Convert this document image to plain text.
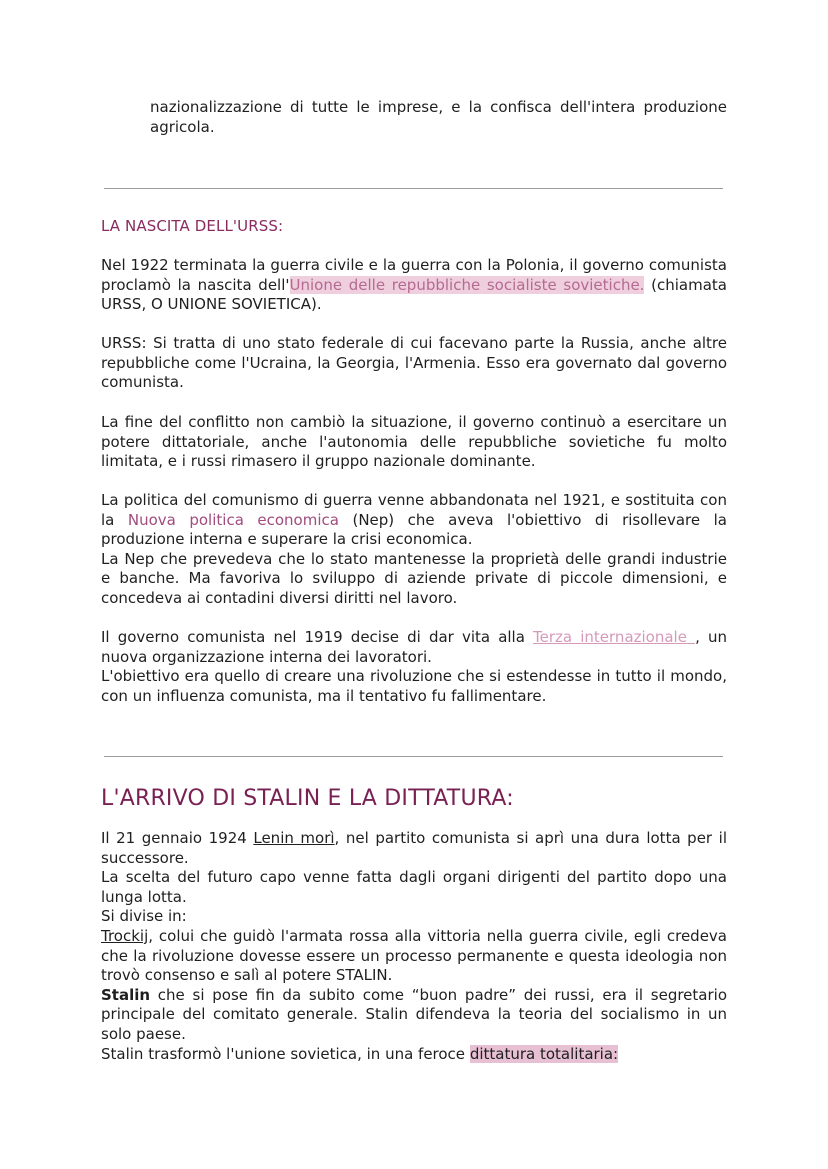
nazionalizzazione di tutte le imprese, e la confisca dell'intera produzione agricola.

LA NASCITA DELL'URSS:

Nel 1922 terminata la guerra civile e la guerra con la Polonia, il governo comunista proclamò la nascita dell'Unione delle repubbliche socialiste sovietiche. (chiamata URSS, O UNIONE SOVIETICA).

URSS: Si tratta di uno stato federale di cui facevano parte la Russia, anche altre repubbliche come l'Ucraina, la Georgia, l'Armenia. Esso era governato dal governo comunista.

La fine del conflitto non cambiò la situazione, il governo continuò a esercitare un potere dittatoriale, anche l'autonomia delle repubbliche sovietiche fu molto limitata, e i russi rimasero il gruppo nazionale dominante.

La politica del comunismo di guerra venne abbandonata nel 1921, e sostituita con la Nuova politica economica (Nep) che aveva l'obiettivo di risollevare la produzione interna e superare la crisi economica.

La Nep che prevedeva che lo stato mantenesse la proprietà delle grandi industrie e banche. Ma favoriva lo sviluppo di aziende private di piccole dimensioni, e concedeva ai contadini diversi diritti nel lavoro.

Il governo comunista nel 1919 decise di dar vita alla Terza internazionale , un nuova organizzazione interna dei lavoratori.

L'obiettivo era quello di creare una rivoluzione che si estendesse in tutto il mondo, con un influenza comunista, ma il tentativo fu fallimentare.

L'ARRIVO DI STALIN E LA DITTATURA:

Il 21 gennaio 1924 Lenin morì, nel partito comunista si aprì una dura lotta per il successore.

La scelta del futuro capo venne fatta dagli organi dirigenti del partito dopo una lunga lotta.

Si divise in:

Trockij, colui che guidò l'armata rossa alla vittoria nella guerra civile, egli credeva che la rivoluzione dovesse essere un processo permanente e questa ideologia non trovò consenso e salì al potere STALIN.

Stalin che si pose fin da subito come “buon padre” dei russi, era il segretario principale del comitato generale. Stalin difendeva la teoria del socialismo in un solo paese.

Stalin trasformò l'unione sovietica, in una feroce dittatura totalitaria:
